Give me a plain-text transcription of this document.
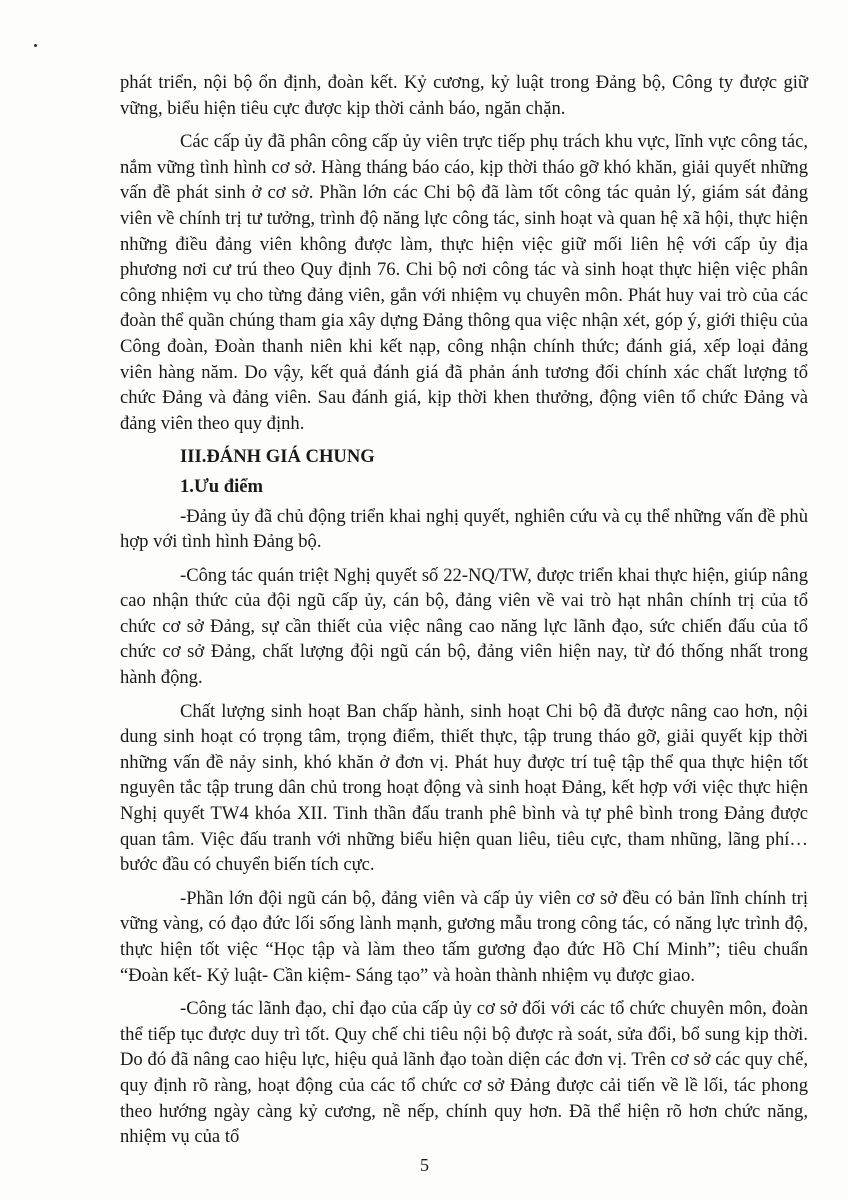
phát triển, nội bộ ổn định, đoàn kết. Kỷ cương, kỷ luật trong Đảng bộ, Công ty được giữ vững, biểu hiện tiêu cực được kịp thời cảnh báo, ngăn chặn.

Các cấp ủy đã phân công cấp ủy viên trực tiếp phụ trách khu vực, lĩnh vực công tác, nắm vững tình hình cơ sở. Hàng tháng báo cáo, kịp thời tháo gỡ khó khăn, giải quyết những vấn đề phát sinh ở cơ sở. Phần lớn các Chi bộ đã làm tốt công tác quản lý, giám sát đảng viên về chính trị tư tưởng, trình độ năng lực công tác, sinh hoạt và quan hệ xã hội, thực hiện những điều đảng viên không được làm, thực hiện việc giữ mối liên hệ với cấp ủy địa phương nơi cư trú theo Quy định 76. Chi bộ nơi công tác và sinh hoạt thực hiện việc phân công nhiệm vụ cho từng đảng viên, gắn với nhiệm vụ chuyên môn. Phát huy vai trò của các đoàn thể quần chúng tham gia xây dựng Đảng thông qua việc nhận xét, góp ý, giới thiệu của Công đoàn, Đoàn thanh niên khi kết nạp, công nhận chính thức; đánh giá, xếp loại đảng viên hàng năm. Do vậy, kết quả đánh giá đã phản ánh tương đối chính xác chất lượng tổ chức Đảng và đảng viên. Sau đánh giá, kịp thời khen thưởng, động viên tổ chức Đảng và đảng viên theo quy định.

III.ĐÁNH GIÁ CHUNG
1.Ưu điểm

-Đảng ủy đã chủ động triển khai nghị quyết, nghiên cứu và cụ thể những vấn đề phù hợp với tình hình Đảng bộ.

-Công tác quán triệt Nghị quyết số 22-NQ/TW, được triển khai thực hiện, giúp nâng cao nhận thức của đội ngũ cấp ủy, cán bộ, đảng viên về vai trò hạt nhân chính trị của tổ chức cơ sở Đảng, sự cần thiết của việc nâng cao năng lực lãnh đạo, sức chiến đấu của tổ chức cơ sở Đảng, chất lượng đội ngũ cán bộ, đảng viên hiện nay, từ đó thống nhất trong hành động.

Chất lượng sinh hoạt Ban chấp hành, sinh hoạt Chi bộ đã được nâng cao hơn, nội dung sinh hoạt có trọng tâm, trọng điểm, thiết thực, tập trung tháo gỡ, giải quyết kịp thời những vấn đề nảy sinh, khó khăn ở đơn vị. Phát huy được trí tuệ tập thể qua thực hiện tốt nguyên tắc tập trung dân chủ trong hoạt động và sinh hoạt Đảng, kết hợp với việc thực hiện Nghị quyết TW4 khóa XII. Tinh thần đấu tranh phê bình và tự phê bình trong Đảng được quan tâm. Việc đấu tranh với những biểu hiện quan liêu, tiêu cực, tham nhũng, lãng phí… bước đầu có chuyển biến tích cực.

-Phần lớn đội ngũ cán bộ, đảng viên và cấp ủy viên cơ sở đều có bản lĩnh chính trị vững vàng, có đạo đức lối sống lành mạnh, gương mẫu trong công tác, có năng lực trình độ, thực hiện tốt việc “Học tập và làm theo tấm gương đạo đức Hồ Chí Minh”; tiêu chuẩn “Đoàn kết- Kỷ luật- Cần kiệm- Sáng tạo” và hoàn thành nhiệm vụ được giao.

-Công tác lãnh đạo, chỉ đạo của cấp ủy cơ sở đối với các tổ chức chuyên môn, đoàn thể tiếp tục được duy trì tốt. Quy chế chi tiêu nội bộ được rà soát, sửa đổi, bổ sung kịp thời. Do đó đã nâng cao hiệu lực, hiệu quả lãnh đạo toàn diện các đơn vị. Trên cơ sở các quy chế, quy định rõ ràng, hoạt động của các tổ chức cơ sở Đảng được cải tiến về lề lối, tác phong theo hướng ngày càng kỷ cương, nề nếp, chính quy hơn. Đã thể hiện rõ hơn chức năng, nhiệm vụ của tổ

5
